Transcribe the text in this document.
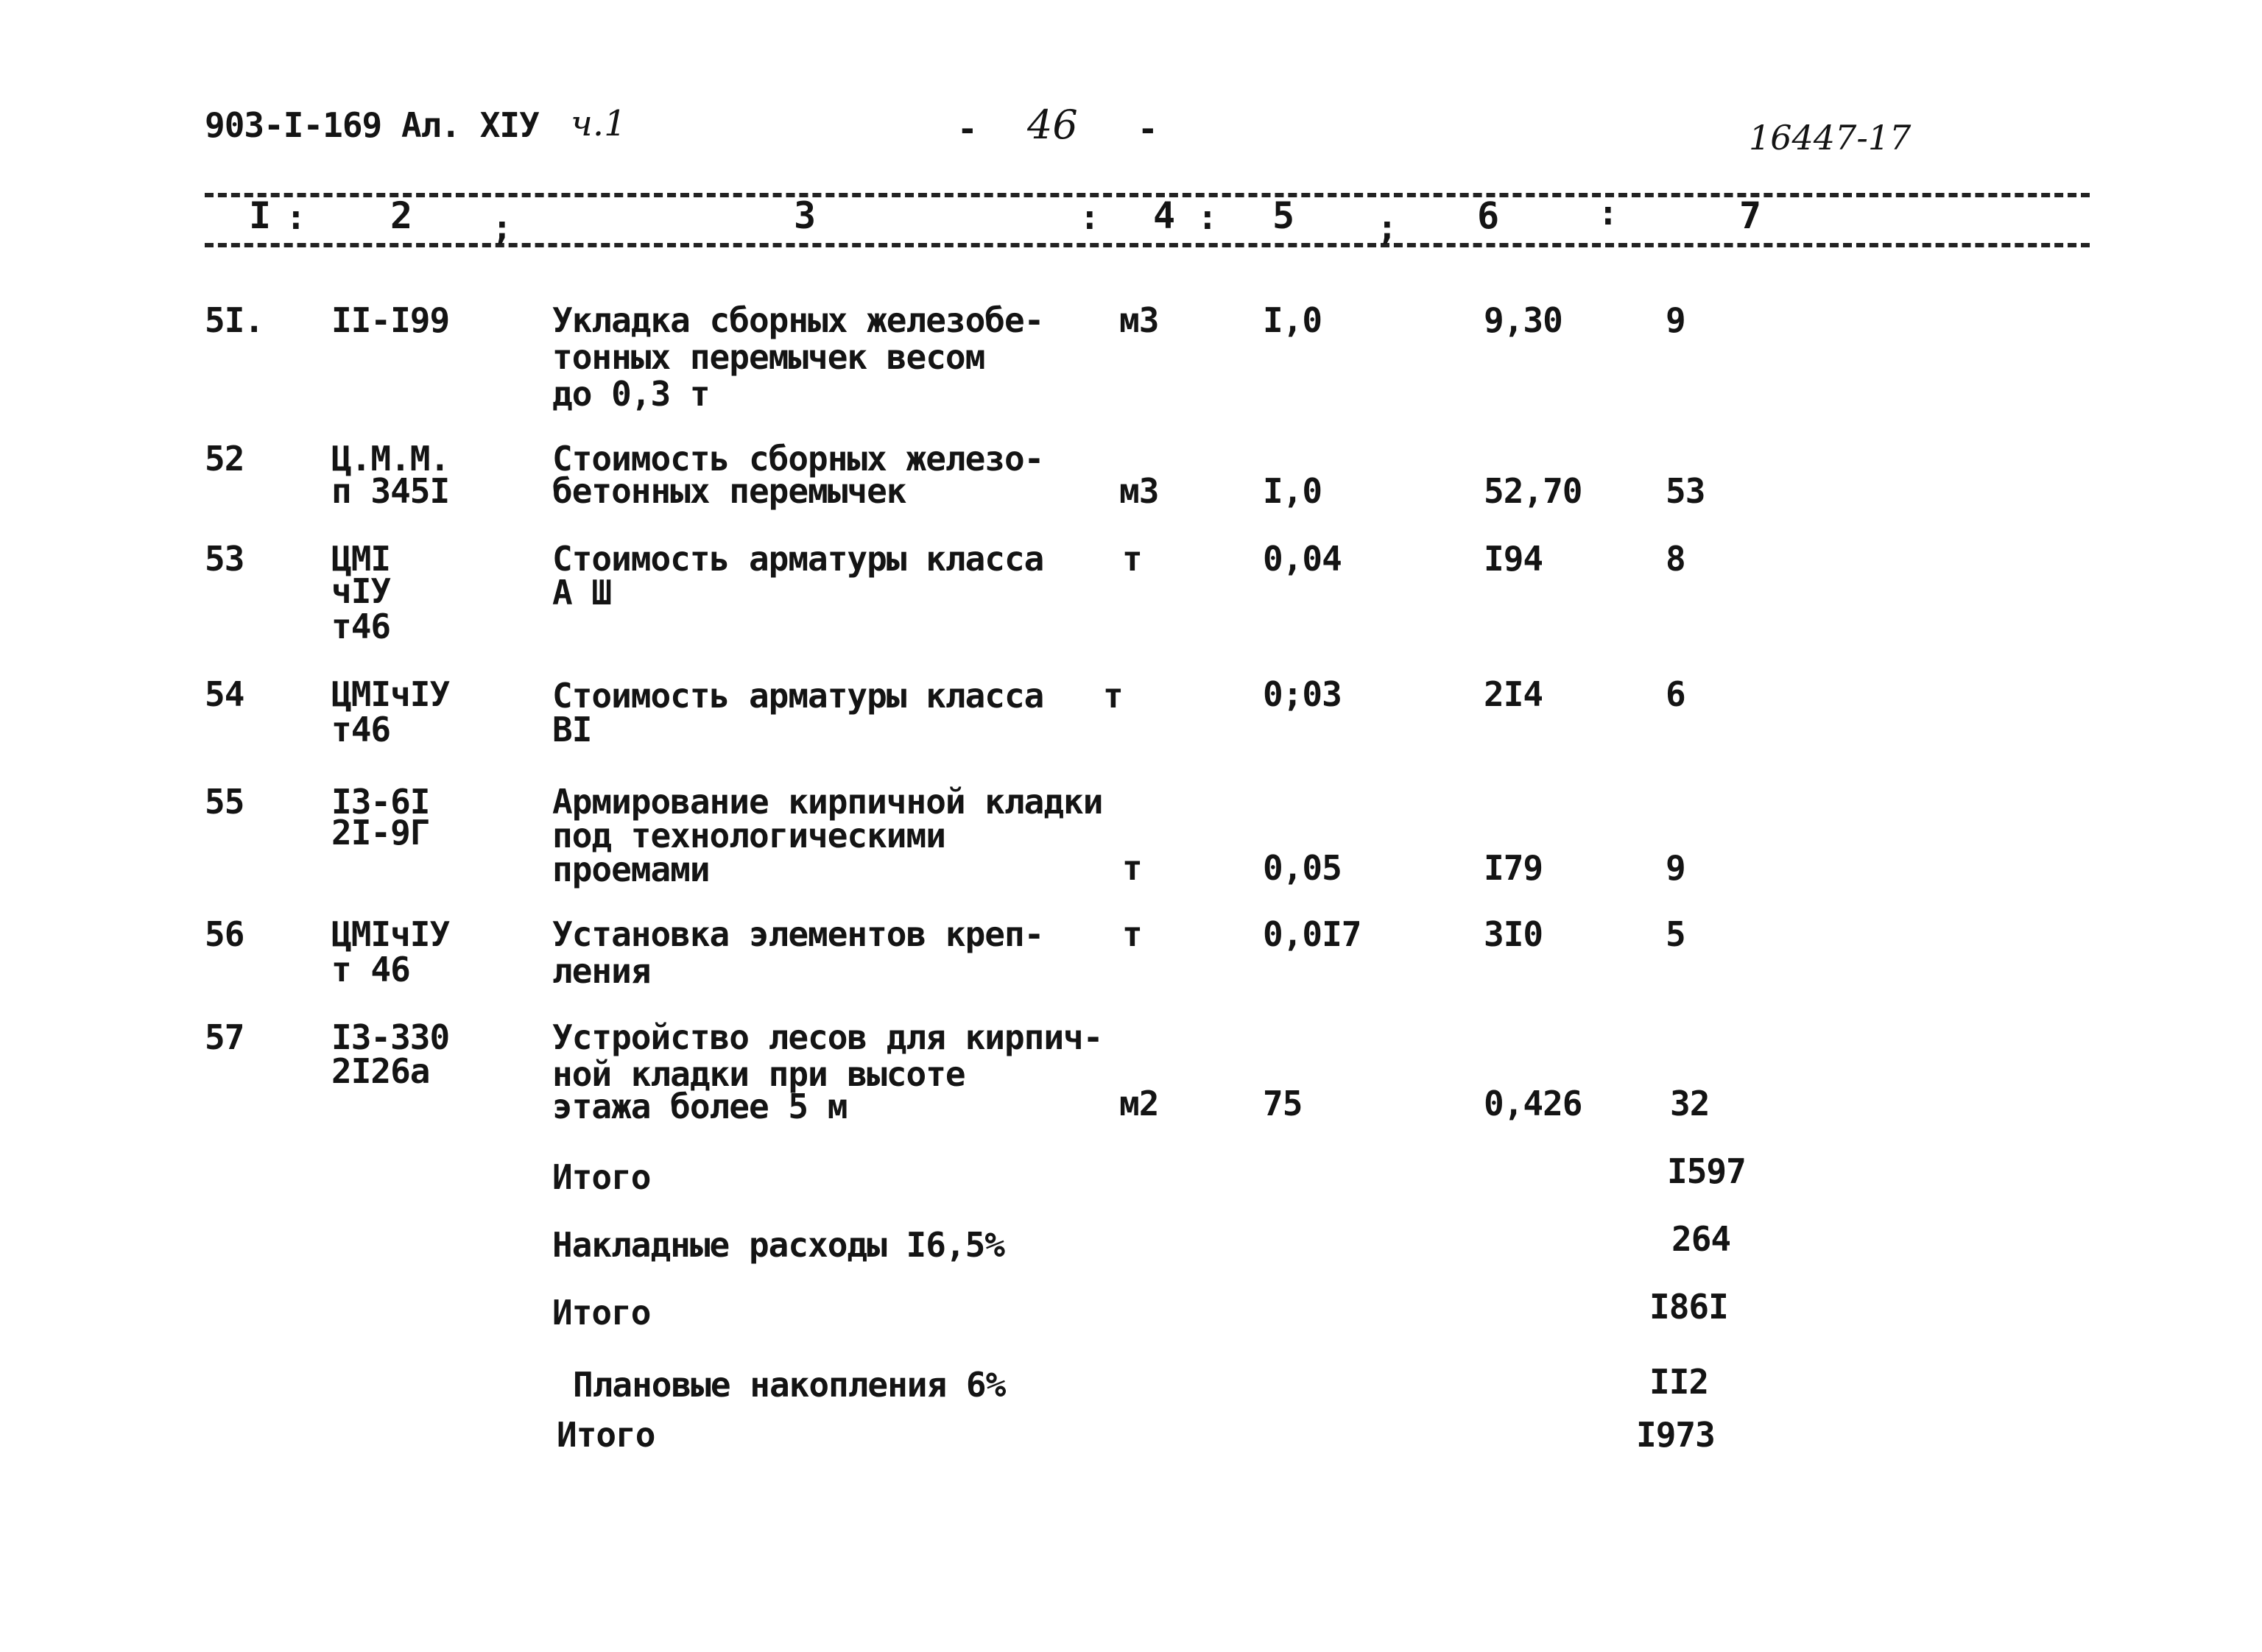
903-I-169 Ал. XIУ ч.1	- 46 -	16447-17
I : 2 ;	3	: 4 : 5 ; 6	:	7
5I. II-I99	Укладка сборных железобе-
тонных перемычек весом
до 0,3 т
м3	I,0	9,30	9
52	Ц.М.М.
п 345I
Стоимость сборных железо-
бетонных перемычек	м3	I,0	52,70 53
53	ЦМI
чIУ
т46
Стоимость арматуры класса
А Ш
т	0,04	I94	8
54	ЦМIчIУ
т46
Стоимость арматуры класса
ВI
т	0;03	2I4	6
55	I3-6I
2I-9Г
Армирование кирпичной кладки
под технологическими
проемами	т	0,05	I79	9
56	ЦМIчIУ
т 46
Установка элементов креп-
ления
т	0,0I7	3I0	5
57	I3-330
2I26а
Устройство лесов для кирпич-
ной кладки при высоте
этажа более 5 м	м2	75	0,426	32
Итого	I597
Накладные расходы I6,5%	264
Итого	I86I
Плановые накопления 6%	II2
Итого	I973
